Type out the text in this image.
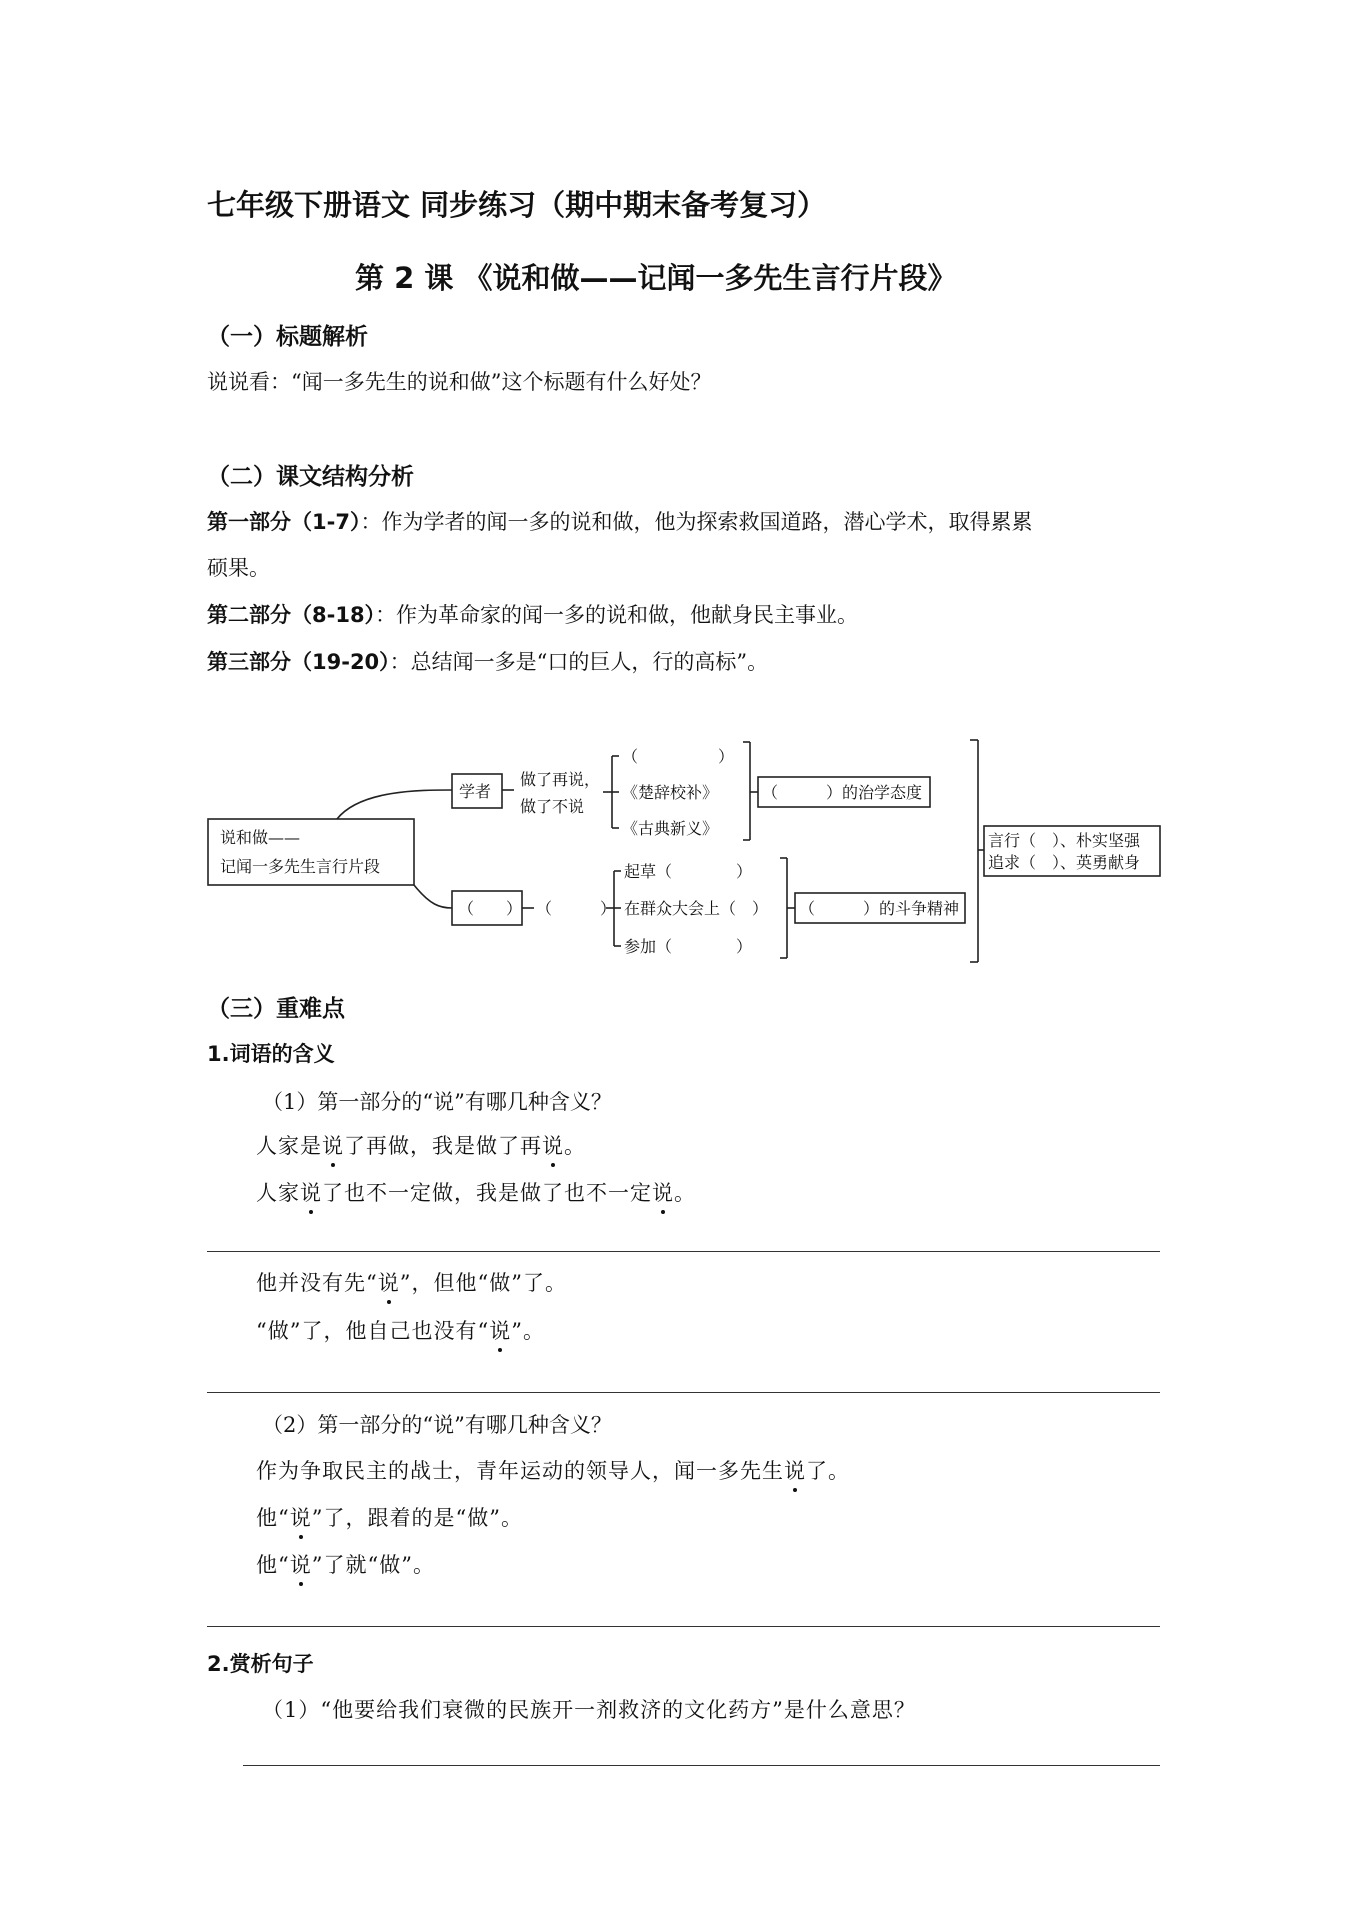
七年级下册语文 同步练习（期中期末备考复习）
第 2 课 《说和做——记闻一多先生言行片段》
（一）标题解析
说说看：“闻一多先生的说和做”这个标题有什么好处？
（二）课文结构分析
第一部分（1-7）：作为学者的闻一多的说和做，他为探索救国道路，潜心学术，取得累累
硕果。
第二部分（8-18）：作为革命家的闻一多的说和做，他献身民主事业。
第三部分（19-20）：总结闻一多是“口的巨人，行的高标”。
说和做——
记闻一多先生言行片段
学者
做了再说，
做了不说
（　　　　　）
《楚辞校补》
《古典新义》
（　　　）的治学态度
（　　） （　　　）
起草（　　　　）
在群众大会上（　）
参加（　　　　）
（　　　）的斗争精神
言行（　）、朴实坚强
追求（　）、英勇献身
（三）重难点
1.词语的含义
（1）第一部分的“说”有哪几种含义？
人家是说了再做，我是做了再说。
人家说了也不一定做，我是做了也不一定说。
他并没有先“说”，但他“做”了。
“做”了，他自己也没有“说”。
（2）第一部分的“说”有哪几种含义？
作为争取民主的战士，青年运动的领导人，闻一多先生说了。
他“说”了，跟着的是“做”。
他“说”了就“做”。
2.赏析句子
（1）“他要给我们衰微的民族开一剂救济的文化药方”是什么意思？
